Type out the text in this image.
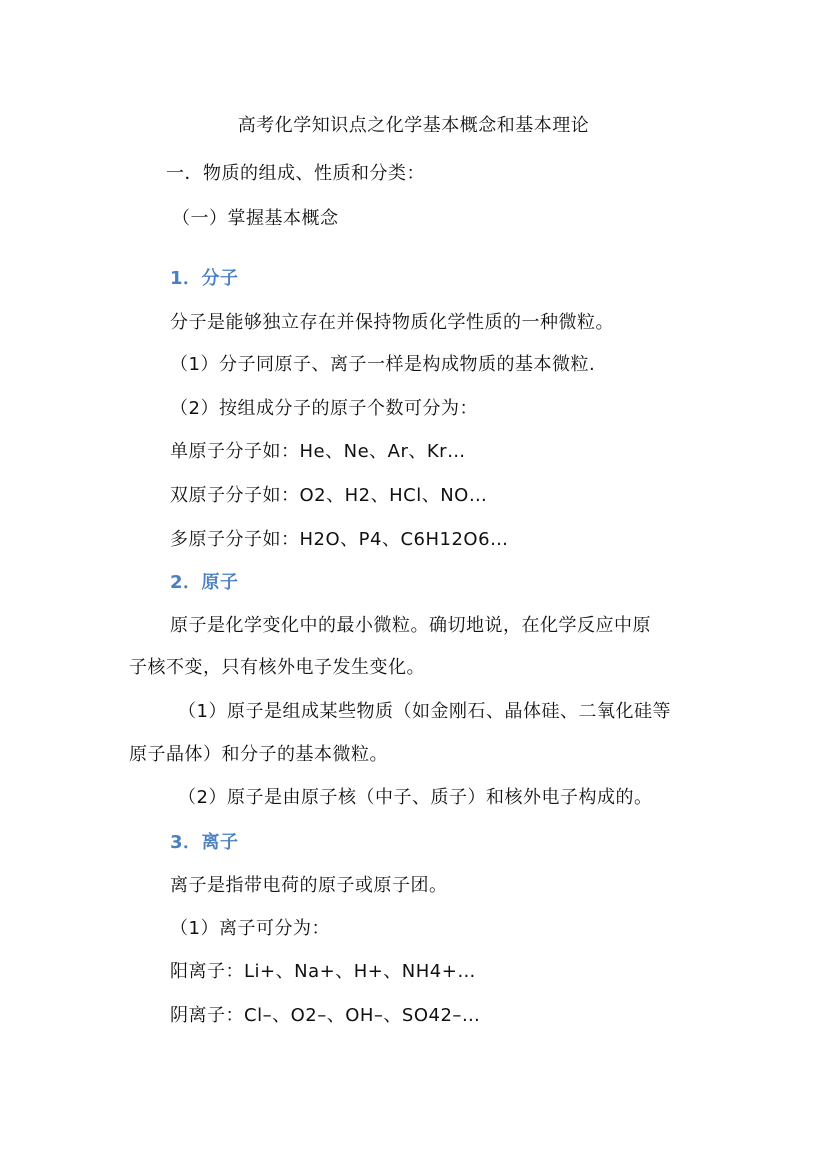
高考化学知识点之化学基本概念和基本理论
一．物质的组成、性质和分类：
（一）掌握基本概念
1．分子
分子是能够独立存在并保持物质化学性质的一种微粒。
（1）分子同原子、离子一样是构成物质的基本微粒.
（2）按组成分子的原子个数可分为：
单原子分子如：He、Ne、Ar、Kr…
双原子分子如：O2、H2、HCl、NO…
多原子分子如：H2O、P4、C6H12O6…
2．原子
原子是化学变化中的最小微粒。确切地说，在化学反应中原
子核不变，只有核外电子发生变化。
（1）原子是组成某些物质（如金刚石、晶体硅、二氧化硅等
原子晶体）和分子的基本微粒。
（2）原子是由原子核（中子、质子）和核外电子构成的。
3．离子
离子是指带电荷的原子或原子团。
（1）离子可分为：
阳离子：Li+、Na+、H+、NH4+…
阴离子：Cl–、O2–、OH–、SO42–…
